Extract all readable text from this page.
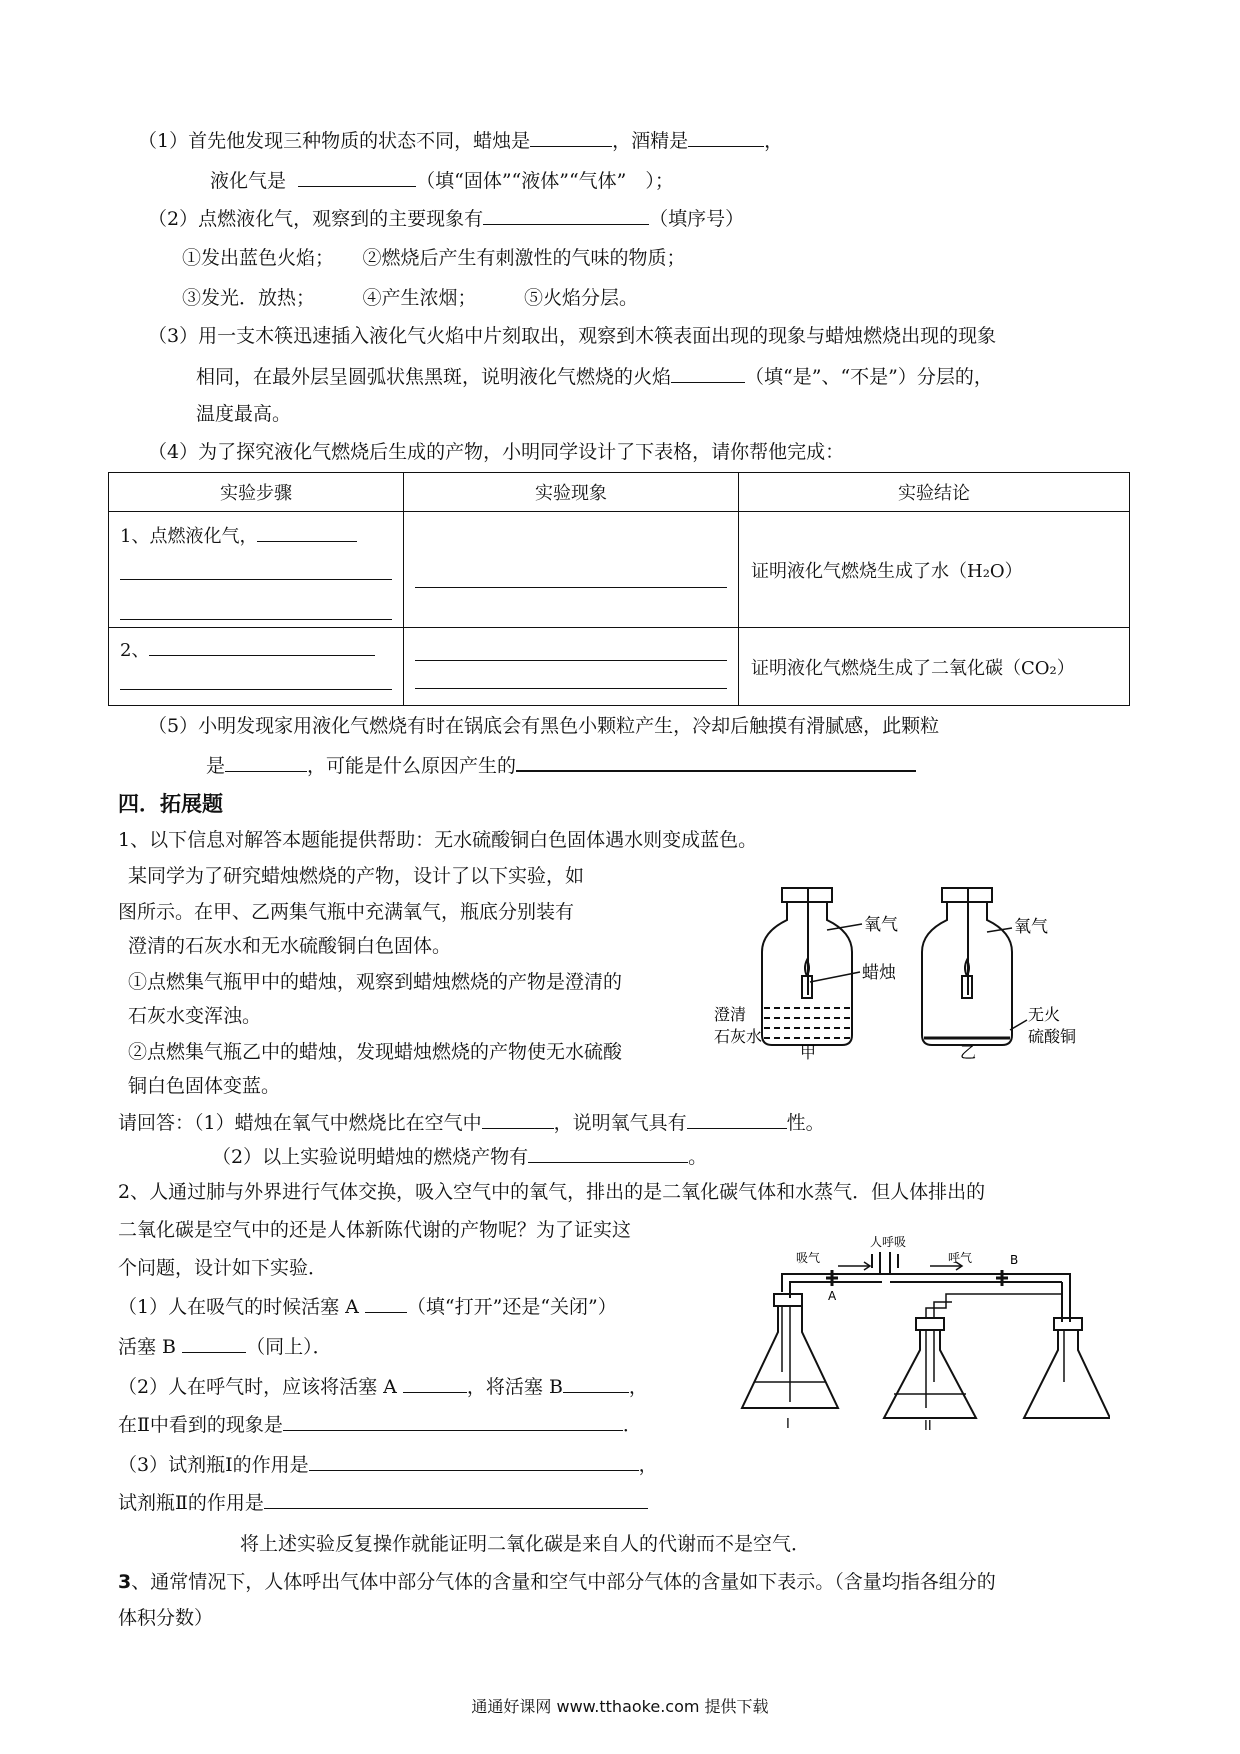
（1）首先他发现三种物质的状态不同，蜡烛是	，酒精是	，
液化气是	（填“固体”“液体”“气体”　）；
（2）点燃液化气，观察到的主要现象有	（填序号）
①发出蓝色火焰；　　②燃烧后产生有刺激性的气味的物质；
③发光．放热；　　　④产生浓烟；　　　⑤火焰分层。
（3）用一支木筷迅速插入液化气火焰中片刻取出，观察到木筷表面出现的现象与蜡烛燃烧出现的现象
相同，在最外层呈圆弧状焦黑斑，说明液化气燃烧的火焰	（填“是”、“不是”）分层的，
温度最高。
（4）为了探究液化气燃烧后生成的产物，小明同学设计了下表格，请你帮他完成：
实验步骤	实验现象	实验结论

1、点燃液化气，		证明液化气燃烧生成了水（H₂O）

2、		证明液化气燃烧生成了二氧化碳（CO₂）
（5）小明发现家用液化气燃烧有时在锅底会有黑色小颗粒产生，冷却后触摸有滑腻感，此颗粒
是	，可能是什么原因产生的
四．拓展题
1、以下信息对解答本题能提供帮助：无水硫酸铜白色固体遇水则变成蓝色。
某同学为了研究蜡烛燃烧的产物，设计了以下实验，如
图所示。在甲、乙两集气瓶中充满氧气，瓶底分别装有
澄清的石灰水和无水硫酸铜白色固体。
①点燃集气瓶甲中的蜡烛，观察到蜡烛燃烧的产物是澄清的
石灰水变浑浊。
②点燃集气瓶乙中的蜡烛，发现蜡烛燃烧的产物使无水硫酸
铜白色固体变蓝。
氧气
蜡烛
澄清
石灰水
甲
氧气
无火
硫酸铜
乙
请回答：（1）蜡烛在氧气中燃烧比在空气中	，说明氧气具有	性。
（2）以上实验说明蜡烛的燃烧产物有	。
2、人通过肺与外界进行气体交换，吸入空气中的氧气，排出的是二氧化碳气体和水蒸气．但人体排出的
二氧化碳是空气中的还是人体新陈代谢的产物呢？为了证实这
个问题，设计如下实验．
（1）人在吸气的时候活塞 A	（填“打开”还是“关闭”）
活塞 B	（同上）．
（2）人在呼气时，应该将活塞 A	，将活塞 B	，
在Ⅱ中看到的现象是	．
（3）试剂瓶Ⅰ的作用是	，
试剂瓶Ⅱ的作用是
吸气
人呼吸
呼气
A
B
I	II
将上述实验反复操作就能证明二氧化碳是来自人的代谢而不是空气．
3、通常情况下，人体呼出气体中部分气体的含量和空气中部分气体的含量如下表示。（含量均指各组分的
体积分数）
通通好课网 www.tthaoke.com 提供下载
